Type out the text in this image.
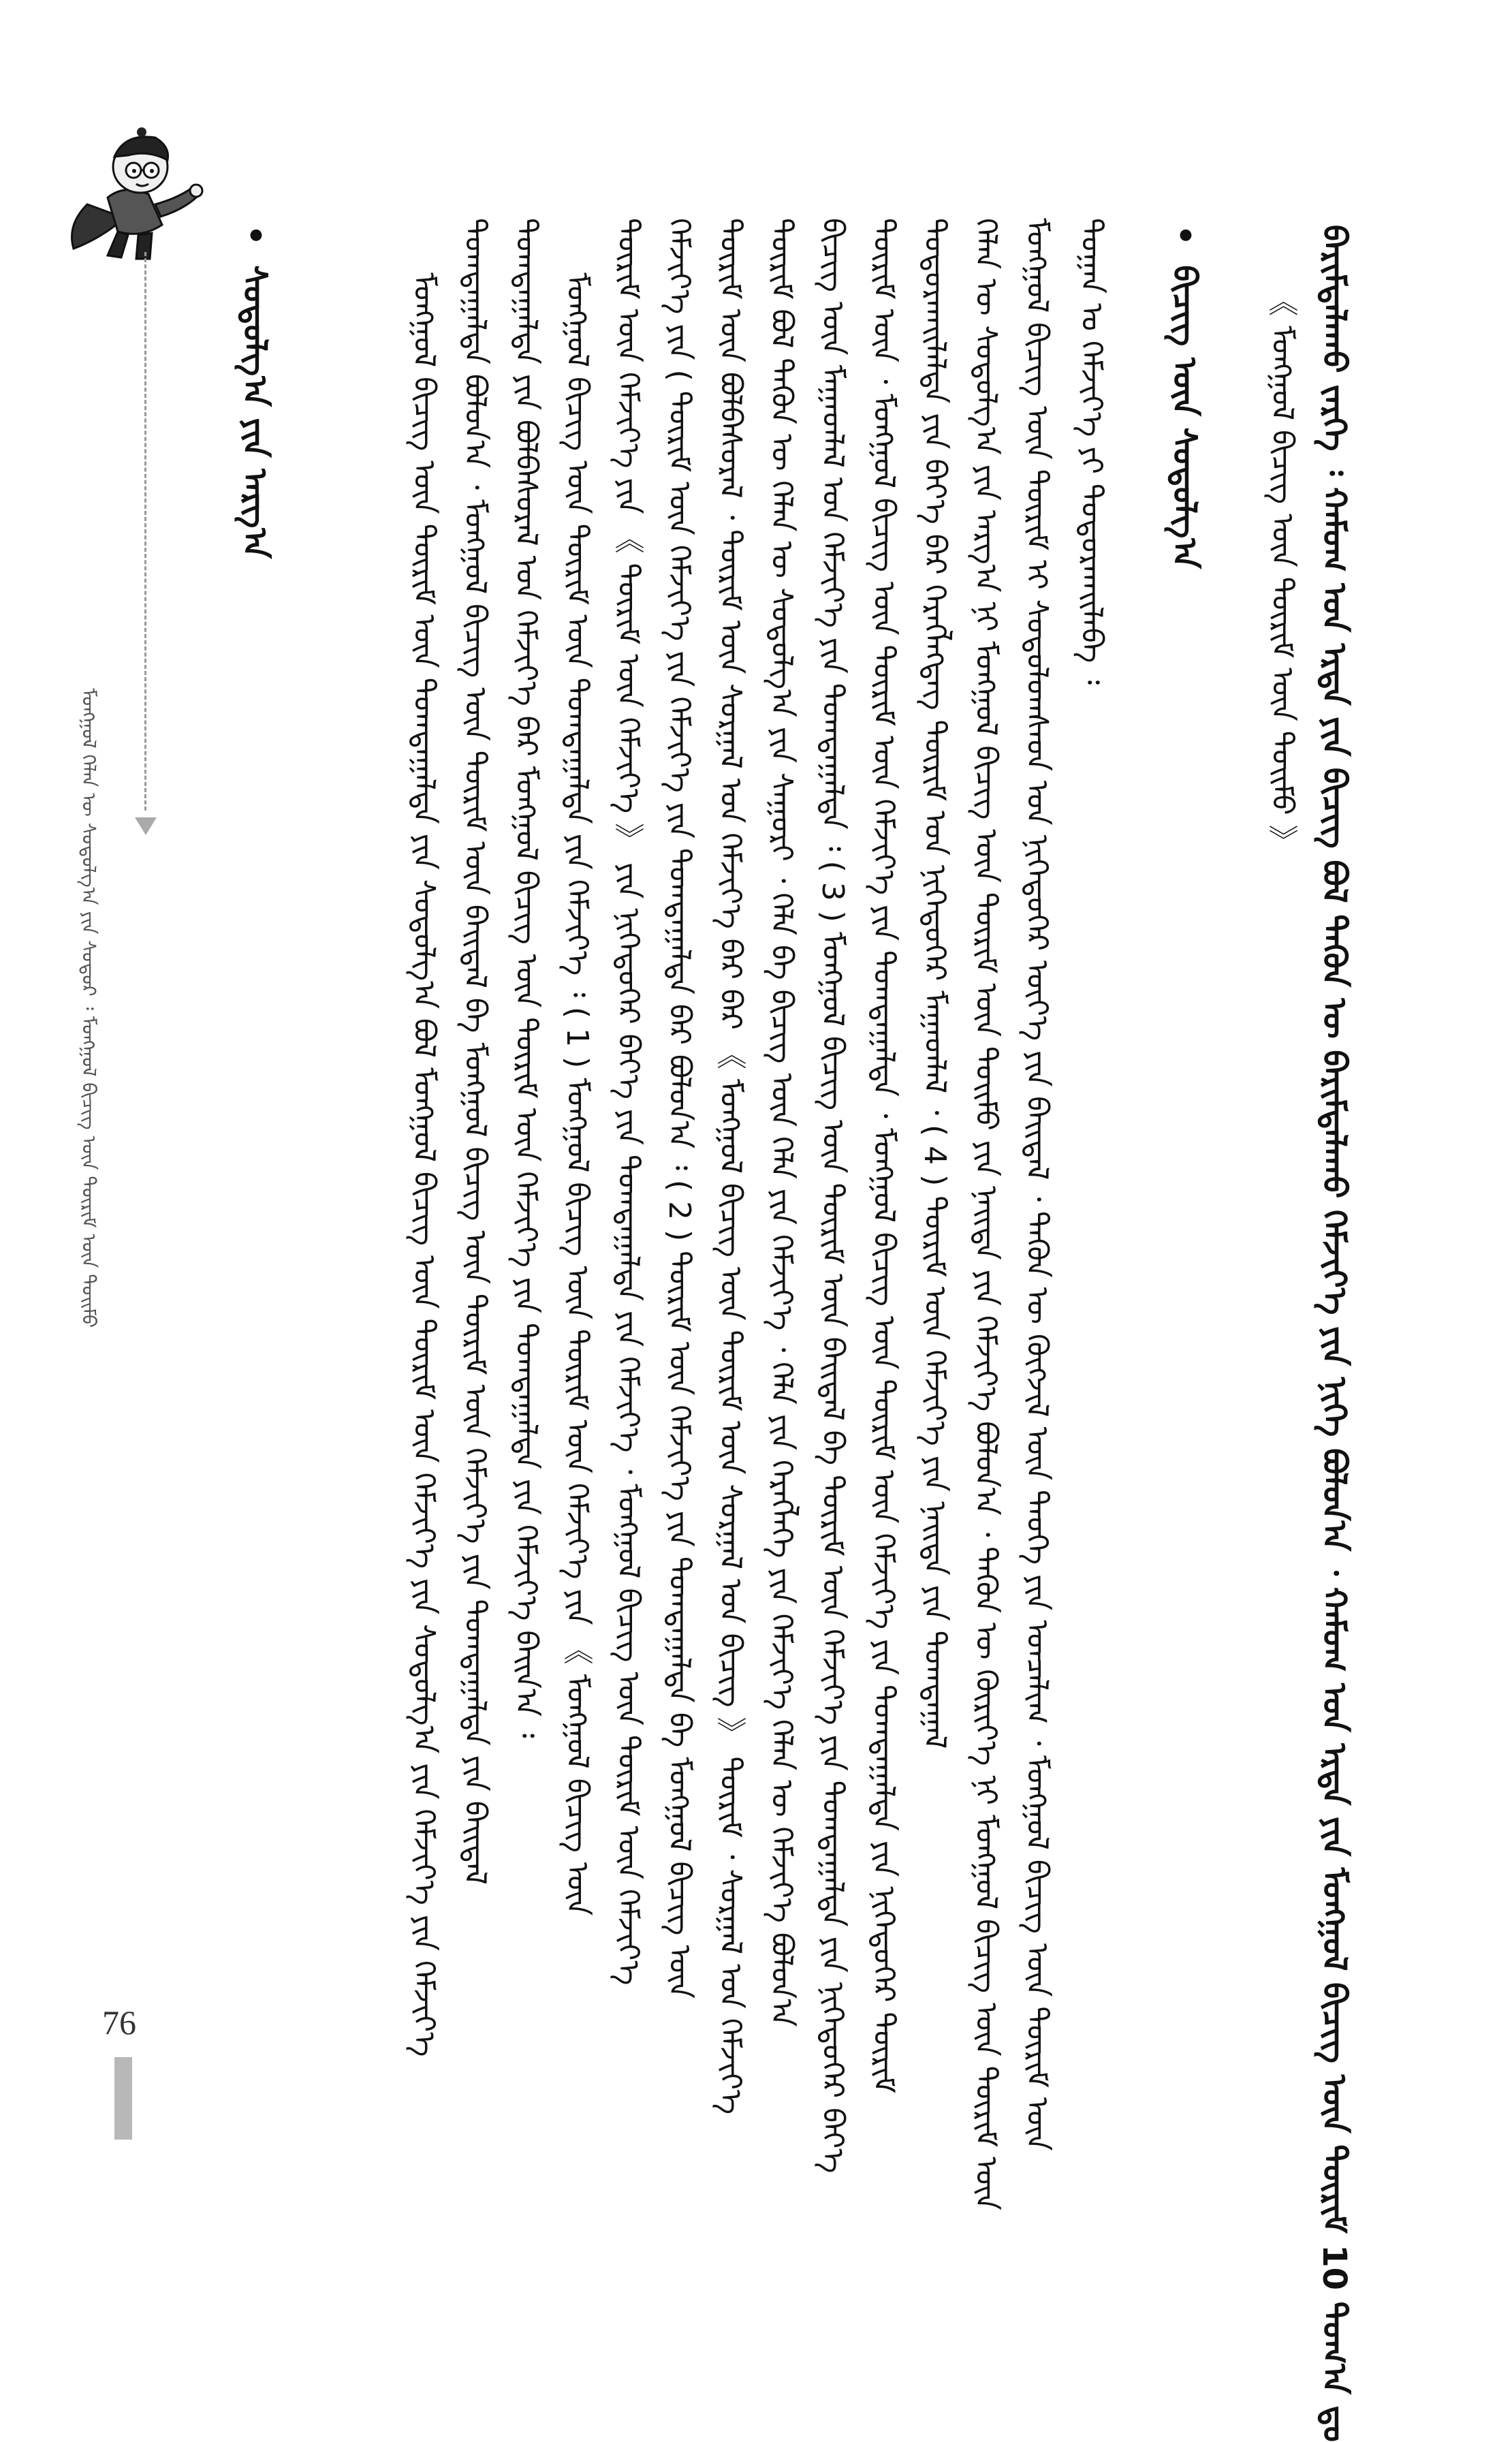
ᠮᠣᠩᠭᠣᠯ ᠬᠡᠯᠡᠨ ᠦ ᠰᠤᠳᠤᠯᠭ᠎ᠠ ᠶᠢᠨ ᠰᠣᠳᠤᠷ ᠄ ᠮᠣᠩᠭᠣᠯ ᠪᠢᠴᠢᠭ ᠦᠨ ᠳᠦᠷᠢᠮ ᠦᠨ ᠲᠣᠢᠮᠤ	ᠪᠠᠷᠢᠮᠲᠠᠯᠠᠬᠤ ᠵᠡᠷᠭᠡ ᠄ ᠬᠠᠮᠤᠭ ᠤᠨ ᠡᠷᠲᠡ ᠶᠢᠨ ᠪᠢᠴᠢᠭ ᠪᠣᠯ ᠲᠡᠭᠦᠨ ᠦ ᠪᠠᠷᠢᠮᠲᠠᠯᠠᠬᠤ ᠬᠡᠮᠵᠢᠶ᠎ᠡ ᠶᠢᠨ ᠨᠢᠭᠡ ᠪᠣᠯᠤᠨ᠎ᠠ ᠂ ᠬᠠᠮᠤᠭ ᠤᠨ ᠡᠷᠲᠡ ᠶᠢᠨ ᠮᠣᠩᠭᠣᠯ ᠪᠢᠴᠢᠭ ᠦᠨ ᠳᠦᠷᠢᠮ 10 ᠲᠣᠭ᠎ᠠ ᠳᠤ
《 ᠮᠣᠩᠭᠣᠯ ᠪᠢᠴᠢᠭ ᠦᠨ ᠳᠦᠷᠢᠮ ᠦᠨ ᠲᠣᠢᠮᠤ 》
• ᠪᠢᠴᠢᠭ ᠦᠨ ᠰᠤᠳᠤᠯᠭ᠎ᠠ
ᠲᠣᠭᠠᠨ ᠤ ᠬᠡᠮᠵᠢᠶ᠎ᠡ ᠶᠢ ᠲᠣᠳᠣᠷᠬᠠᠢᠯᠠᠪᠠ ᠄
ᠮᠣᠩᠭᠣᠯ ᠪᠢᠴᠢᠭ ᠦᠨ ᠳᠦᠷᠢᠮ ᠢ ᠰᠤᠳᠤᠯᠤᠭᠰᠠᠳ ᠤᠨ ᠨᠢᠭᠡᠳᠦᠭᠡᠷ ᠦᠶ᠎ᠡ ᠶᠢᠨ ᠪᠠᠢᠳᠠᠯ ᠂ ᠲᠡᠭᠦᠨ ᠦ ᠬᠦᠭᠵᠢᠯ ᠦᠨ ᠲᠡᠦᠬᠡ ᠶᠢᠨ ᠣᠨᠴᠠᠯᠢᠭ ᠂ ᠮᠣᠩᠭᠣᠯ ᠪᠢᠴᠢᠭ ᠦᠨ ᠳᠦᠷᠢᠮ ᠦᠨ
ᠬᠡᠯᠡᠨ ᠦ ᠰᠤᠳᠤᠯᠭ᠎ᠠ ᠶᠢᠨ ᠠᠷᠭ᠎ᠠ ᠨᠢ ᠮᠣᠩᠭᠣᠯ ᠪᠢᠴᠢᠭ ᠦᠨ ᠳᠦᠷᠢᠮ ᠦᠨ ᠲᠣᠢᠮᠤ ᠶᠢᠨ ᠨᠡᠢᠲᠡ ᠶᠢᠨ ᠬᠡᠮᠵᠢᠶ᠎ᠡ ᠪᠣᠯᠤᠨ᠎ᠠ ᠂ ᠲᠡᠭᠦᠨ ᠦ ᠬᠦᠷᠢᠶ᠎ᠡ ᠨᠢ ᠮᠣᠩᠭᠣᠯ ᠪᠢᠴᠢᠭ ᠦᠨ ᠳᠦᠷᠢᠮ ᠦᠨ
ᠲᠣᠳᠣᠷᠬᠠᠢᠯᠠᠯᠲᠠ ᠶᠢᠨ ᠪᠡᠶ᠎ᠡ ᠪᠠᠷ ᠬᠡᠷᠡᠭᠯᠡᠭᠳᠡᠭ ᠳᠦᠷᠢᠮ ᠤᠨ ᠨᠢᠭᠡᠳᠦᠭᠡᠷ ᠮᠠᠭᠠᠳᠯᠠᠯ ᠂ ( 4 ) ᠳᠦᠷᠢᠮ ᠦᠨ ᠬᠡᠮᠵᠢᠶ᠎ᠡ ᠶᠢᠨ ᠨᠡᠢᠲᠡ ᠶᠢᠨ ᠲᠣᠭᠲᠠᠭᠠᠯ
ᠳᠦᠷᠢᠮ ᠦᠨ ᠂ ᠮᠣᠩᠭᠣᠯ ᠪᠢᠴᠢᠭ ᠦᠨ ᠳᠦᠷᠢᠮ ᠦᠨ ᠬᠡᠮᠵᠢᠶ᠎ᠡ ᠶᠢᠨ ᠲᠣᠭᠲᠠᠭᠠᠯᠲᠠ ᠂ ᠮᠣᠩᠭᠣᠯ ᠪᠢᠴᠢᠭ ᠦᠨ ᠳᠦᠷᠢᠮ ᠦᠨ ᠬᠡᠮᠵᠢᠶ᠎ᠡ ᠶᠢᠨ ᠲᠣᠭᠲᠠᠭᠠᠯᠲᠠ ᠶᠢᠨ ᠨᠢᠭᠡᠳᠦᠭᠡᠷ ᠳᠦᠷᠢᠮ
ᠪᠢᠴᠢᠭ ᠦᠨ ᠮᠠᠭᠠᠳᠯᠠᠯ ᠤᠨ ᠬᠡᠮᠵᠢᠶ᠎ᠡ ᠶᠢᠨ ᠲᠣᠭᠲᠠᠭᠠᠯᠲᠠ ᠄ ( 3 ) ᠮᠣᠩᠭᠣᠯ ᠪᠢᠴᠢᠭ ᠦᠨ ᠳᠦᠷᠢᠮ ᠦᠨ ᠪᠠᠢᠳᠠᠯ ᠪᠠ ᠳᠦᠷᠢᠮ ᠦᠨ ᠬᠡᠮᠵᠢᠶ᠎ᠡ ᠶᠢᠨ ᠲᠣᠭᠲᠠᠭᠠᠯᠲᠠ ᠶᠢᠨ ᠨᠢᠭᠡᠳᠦᠭᠡᠷ ᠪᠡᠶ᠎ᠡ
ᠳᠦᠷᠢᠮ ᠪᠣᠯ ᠲᠡᠭᠦᠨ ᠦ ᠬᠡᠯᠡᠨ ᠦ ᠰᠤᠳᠤᠯᠭ᠎ᠠ ᠶᠢᠨ ᠰᠠᠭᠤᠷᠢ ᠂ ᠬᠡᠯᠡ ᠪᠠ ᠪᠢᠴᠢᠭ ᠦᠨ ᠬᠡᠯᠡ ᠶᠢᠨ ᠬᠡᠮᠵᠢᠶ᠎ᠡ ᠂ ᠬᠡᠯᠡ ᠶᠢᠨ ᠬᠡᠷᠡᠭᠯᠡᠭᠡ ᠶᠢᠨ ᠬᠡᠮᠵᠢᠶ᠎ᠡ ᠬᠡᠯᠡᠨ ᠦ ᠬᠡᠮᠵᠢᠶ᠎ᠡ ᠪᠣᠯᠤᠨ᠎ᠠ
ᠳᠦᠷᠢᠮ ᠦᠨ ᠪᠣᠯᠪᠠᠰᠤᠷᠠᠯ ᠂ ᠳᠦᠷᠢᠮ ᠦᠨ ᠰᠤᠷᠭᠠᠯ ᠤᠨ ᠬᠡᠮᠵᠢᠶ᠎ᠡ ᠪᠡᠷ ᠪᠡᠷ 《 ᠮᠣᠩᠭᠣᠯ ᠪᠢᠴᠢᠭ ᠦᠨ ᠳᠦᠷᠢᠮ ᠦᠨ ᠰᠤᠷᠭᠠᠯ ᠤᠨ ᠪᠢᠴᠢᠭ 》 ᠳᠦᠷᠢᠮ ᠂ ᠰᠤᠷᠭᠠᠯ ᠤᠨ ᠬᠡᠮᠵᠢᠶ᠎ᠡ
ᠬᠡᠮᠵᠢᠶ᠎ᠡ ᠶᠢᠨ ( ᠳᠦᠷᠢᠮ ᠦᠨ ᠬᠡᠮᠵᠢᠶ᠎ᠡ ᠶᠢᠨ ᠬᠡᠮᠵᠢᠶ᠎ᠡ ᠶᠢᠨ ᠲᠣᠭᠲᠠᠭᠠᠯᠲᠠ ᠪᠡᠷ ᠪᠣᠯᠤᠨ᠎ᠠ ᠄ ( 2 ) ᠳᠦᠷᠢᠮ ᠦᠨ ᠬᠡᠮᠵᠢᠶ᠎ᠡ ᠶᠢᠨ ᠲᠣᠭᠲᠠᠭᠠᠯᠲᠠ ᠪᠠ ᠮᠣᠩᠭᠣᠯ ᠪᠢᠴᠢᠭ ᠦᠨ
ᠳᠦᠷᠢᠮ ᠦᠨ ᠬᠡᠮᠵᠢᠶ᠎ᠡ ᠶᠢᠨ 《 ᠳᠦᠷᠢᠮ ᠦᠨ ᠬᠡᠮᠵᠢᠶ᠎ᠡ 》 ᠶᠢᠨ ᠨᠢᠭᠡᠳᠦᠭᠡᠷ ᠪᠡᠶ᠎ᠡ ᠶᠢᠨ ᠲᠣᠭᠲᠠᠭᠠᠯᠲᠠ ᠶᠢᠨ ᠬᠡᠮᠵᠢᠶ᠎ᠡ ᠂ ᠮᠣᠩᠭᠣᠯ ᠪᠢᠴᠢᠭ ᠦᠨ ᠳᠦᠷᠢᠮ ᠦᠨ ᠬᠡᠮᠵᠢᠶ᠎ᠡ
ᠮᠣᠩᠭᠣᠯ ᠪᠢᠴᠢᠭ ᠦᠨ ᠳᠦᠷᠢᠮ ᠦᠨ ᠲᠣᠭᠲᠠᠭᠠᠯᠲᠠ ᠶᠢᠨ ᠬᠡᠮᠵᠢᠶ᠎ᠡ ᠄ ( 1 ) ᠮᠣᠩᠭᠣᠯ ᠪᠢᠴᠢᠭ ᠦᠨ ᠳᠦᠷᠢᠮ ᠦᠨ ᠬᠡᠮᠵᠢᠶ᠎ᠡ ᠶᠢᠨ 《 ᠮᠣᠩᠭᠣᠯ ᠪᠢᠴᠢᠭ ᠦᠨ
ᠲᠣᠭᠲᠠᠭᠠᠯᠲᠠ ᠶᠢᠨ ᠪᠣᠯᠪᠠᠰᠤᠷᠠᠯ ᠤᠨ ᠬᠡᠮᠵᠢᠶ᠎ᠡ ᠪᠡᠷ ᠮᠣᠩᠭᠣᠯ ᠪᠢᠴᠢᠭ ᠦᠨ ᠳᠦᠷᠢᠮ ᠦᠨ ᠬᠡᠮᠵᠢᠶ᠎ᠡ ᠶᠢᠨ ᠲᠣᠭᠲᠠᠭᠠᠯᠲᠠ ᠶᠢᠨ ᠬᠡᠮᠵᠢᠶ᠎ᠡ ᠪᠠᠢᠨ᠎ᠠ ᠄
ᠲᠣᠭᠲᠠᠭᠠᠯᠲᠠ ᠪᠣᠯᠤᠨ᠎ᠠ ᠂ ᠮᠣᠩᠭᠣᠯ ᠪᠢᠴᠢᠭ ᠦᠨ ᠳᠦᠷᠢᠮ ᠦᠨ ᠪᠠᠢᠳᠠᠯ ᠪᠠ ᠮᠣᠩᠭᠣᠯ ᠪᠢᠴᠢᠭ ᠦᠨ ᠳᠦᠷᠢᠮ ᠦᠨ ᠬᠡᠮᠵᠢᠶ᠎ᠡ ᠶᠢᠨ ᠲᠣᠭᠲᠠᠭᠠᠯᠲᠠ ᠶᠢᠨ ᠪᠠᠢᠳᠠᠯ
ᠮᠣᠩᠭᠣᠯ ᠪᠢᠴᠢᠭ ᠦᠨ ᠳᠦᠷᠢᠮ ᠦᠨ ᠲᠣᠭᠲᠠᠭᠠᠯᠲᠠ ᠶᠢᠨ ᠰᠤᠳᠤᠯᠭ᠎ᠠ ᠪᠣᠯ ᠮᠣᠩᠭᠣᠯ ᠪᠢᠴᠢᠭ ᠦᠨ ᠳᠦᠷᠢᠮ ᠦᠨ ᠬᠡᠮᠵᠢᠶ᠎ᠡ ᠶᠢᠨ ᠰᠤᠳᠤᠯᠭ᠎ᠠ ᠶᠢᠨ ᠬᠡᠮᠵᠢᠶ᠎ᠡ ᠶᠢᠨ ᠬᠡᠮᠵᠢᠶ᠎ᠡ
• ᠰᠤᠳᠤᠯᠭ᠎ᠠ ᠶᠢᠨ ᠠᠷᠭ᠎ᠠ
76
